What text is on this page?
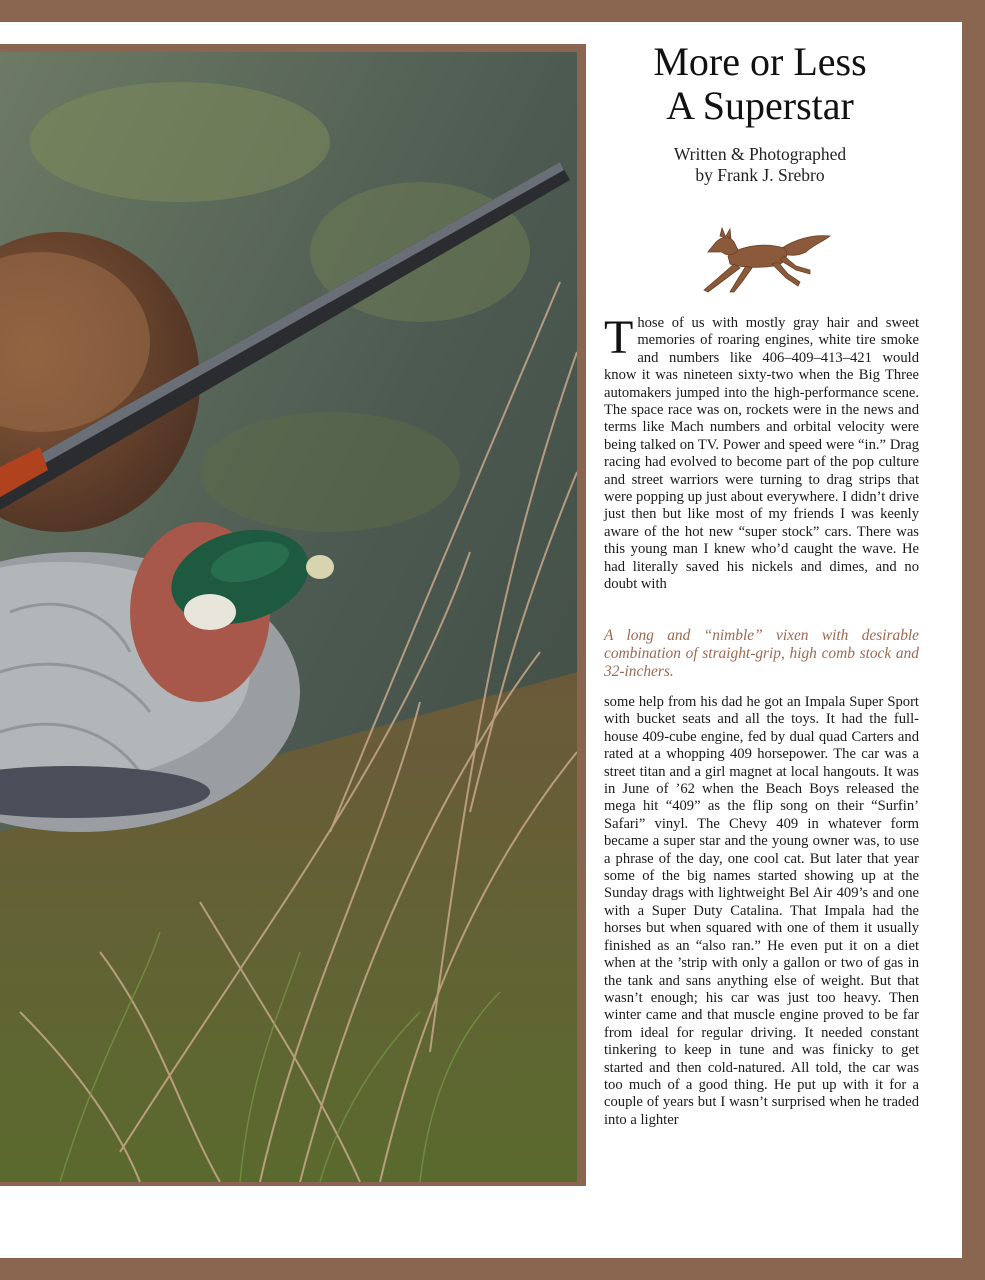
More or Less
A Superstar
Written & Photographed
by Frank J. Srebro

Those of us with mostly gray hair and sweet memories of roaring engines, white tire smoke and numbers like 406–409–413–421 would know it was nineteen sixty-two when the Big Three automakers jumped into the high-performance scene. The space race was on, rockets were in the news and terms like Mach numbers and orbital velocity were being talked on TV. Power and speed were “in.” Drag racing had evolved to become part of the pop culture and street warriors were turning to drag strips that were popping up just about everywhere. I didn’t drive just then but like most of my friends I was keenly aware of the hot new “super stock” cars. There was this young man I knew who’d caught the wave. He had literally saved his nickels and dimes, and no doubt with

A long and “nimble” vixen with desirable combination of straight-grip, high comb stock and 32-inchers.

some help from his dad he got an Impala Super Sport with bucket seats and all the toys. It had the full-house 409-cube engine, fed by dual quad Carters and rated at a whopping 409 horsepower. The car was a street titan and a girl magnet at local hangouts. It was in June of ’62 when the Beach Boys released the mega hit “409” as the flip song on their “Surfin’ Safari” vinyl. The Chevy 409 in whatever form became a super star and the young owner was, to use a phrase of the day, one cool cat. But later that year some of the big names started showing up at the Sunday drags with lightweight Bel Air 409’s and one with a Super Duty Catalina. That Impala had the horses but when squared with one of them it usually finished as an “also ran.” He even put it on a diet when at the ’strip with only a gallon or two of gas in the tank and sans anything else of weight. But that wasn’t enough; his car was just too heavy. Then winter came and that muscle engine proved to be far from ideal for regular driving. It needed constant tinkering to keep in tune and was finicky to get started and then cold-natured. All told, the car was too much of a good thing. He put up with it for a couple of years but I wasn’t surprised when he traded into a lighter
